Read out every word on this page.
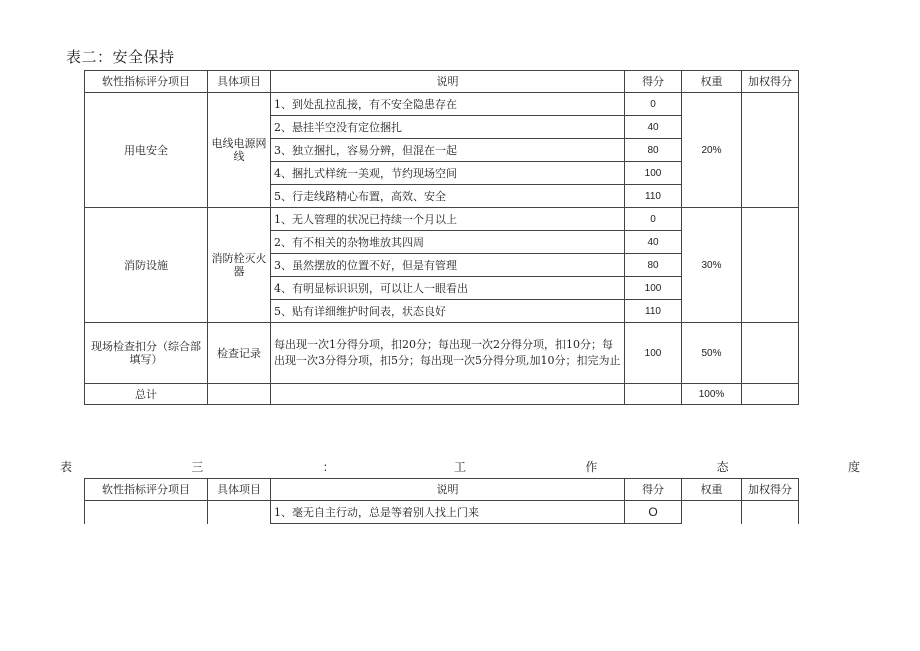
表二：安全保持
软性指标评分项目	具体项目	说明	得分	权重	加权得分
用电安全	电线电源网线	1、到处乱拉乱接，有不安全隐患存在	0	20%	
		2、悬挂半空没有定位捆扎	40		
		3、独立捆扎，容易分辨，但混在一起	80		
		4、捆扎式样统一美观，节约现场空间	100		
		5、行走线路精心布置，高效、安全	110		
消防设施	消防栓灭火器	1、无人管理的状况已持续一个月以上	0	30%	
		2、有不相关的杂物堆放其四周	40		
		3、虽然摆放的位置不好，但是有管理	80		
		4、有明显标识识别，可以让人一眼看出	100		
		5、贴有详细维护时间表，状态良好	110		
现场检查扣分（综合部填写）	检查记录	每出现一次1分得分项，扣20分；每出现一次2分得分项，扣10分；每出现一次3分得分项，扣5分；每出现一次5分得分项,加10分；扣完为止	100	50%	
总计				100%	
表	三	：	工	作	态	度
软性指标评分项目	具体项目	说明	得分	权重	加权得分
		1、毫无自主行动，总是等着别人找上门来	O		
